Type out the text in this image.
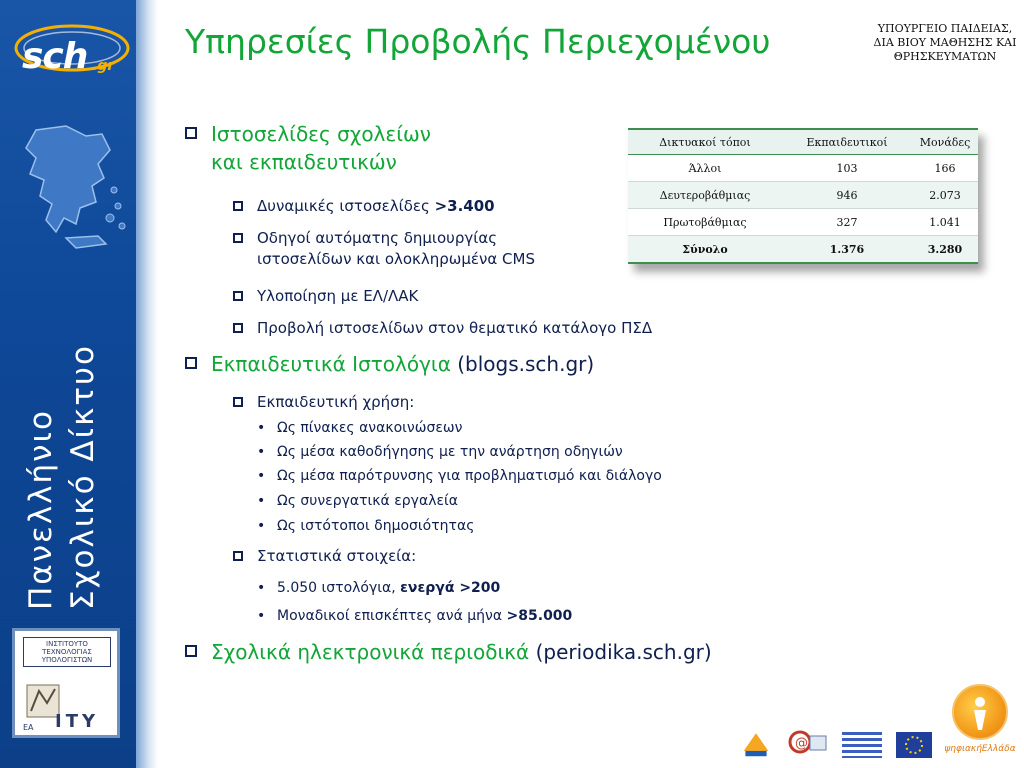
sch .gr
Πανελλήνιο Σχολικό Δίκτυο
ΙΝΣΤΙΤΟΥΤΟ ΤΕΧΝΟΛΟΓΙΑΣ ΥΠΟΛΟΓΙΣΤΩΝ
ITY
ΕΑ
Υπηρεσίες Προβολής Περιεχομένου	ΥΠΟΥΡΓΕΙΟ ΠΑΙΔΕΙΑΣ, ΔΙΑ ΒΙΟΥ ΜΑΘΗΣΗΣ ΚΑΙ ΘΡΗΣΚΕΥΜΑΤΩΝ
Ιστοσελίδες σχολείων
και εκπαιδευτικών
Δυναμικές ιστοσελίδες >3.400
Οδηγοί αυτόματης δημιουργίας
ιστοσελίδων και ολοκληρωμένα CMS
Υλοποίηση με ΕΛ/ΛΑΚ
Προβολή ιστοσελίδων στον θεματικό κατάλογο ΠΣΔ
Εκπαιδευτικά Ιστολόγια (blogs.sch.gr)
Εκπαιδευτική χρήση:
• Ως πίνακες ανακοινώσεων
• Ως μέσα καθοδήγησης με την ανάρτηση οδηγιών
• Ως μέσα παρότρυνσης για προβληματισμό και διάλογο
• Ως συνεργατικά εργαλεία
• Ως ιστότοποι δημοσιότητας
Στατιστικά στοιχεία:
• 5.050 ιστολόγια, ενεργά >200
• Μοναδικοί επισκέπτες ανά μήνα >85.000
Σχολικά ηλεκτρονικά περιοδικά (periodika.sch.gr)
Δικτυακοί τόποι		Εκπαιδευτικοί		Μονάδες
Άλλοι		103		166
Δευτεροβάθμιας		946		2.073
Πρωτοβάθμιας		327		1.041
Σύνολο		1.376		3.280
@	ψηφιακήΕλλάδα
